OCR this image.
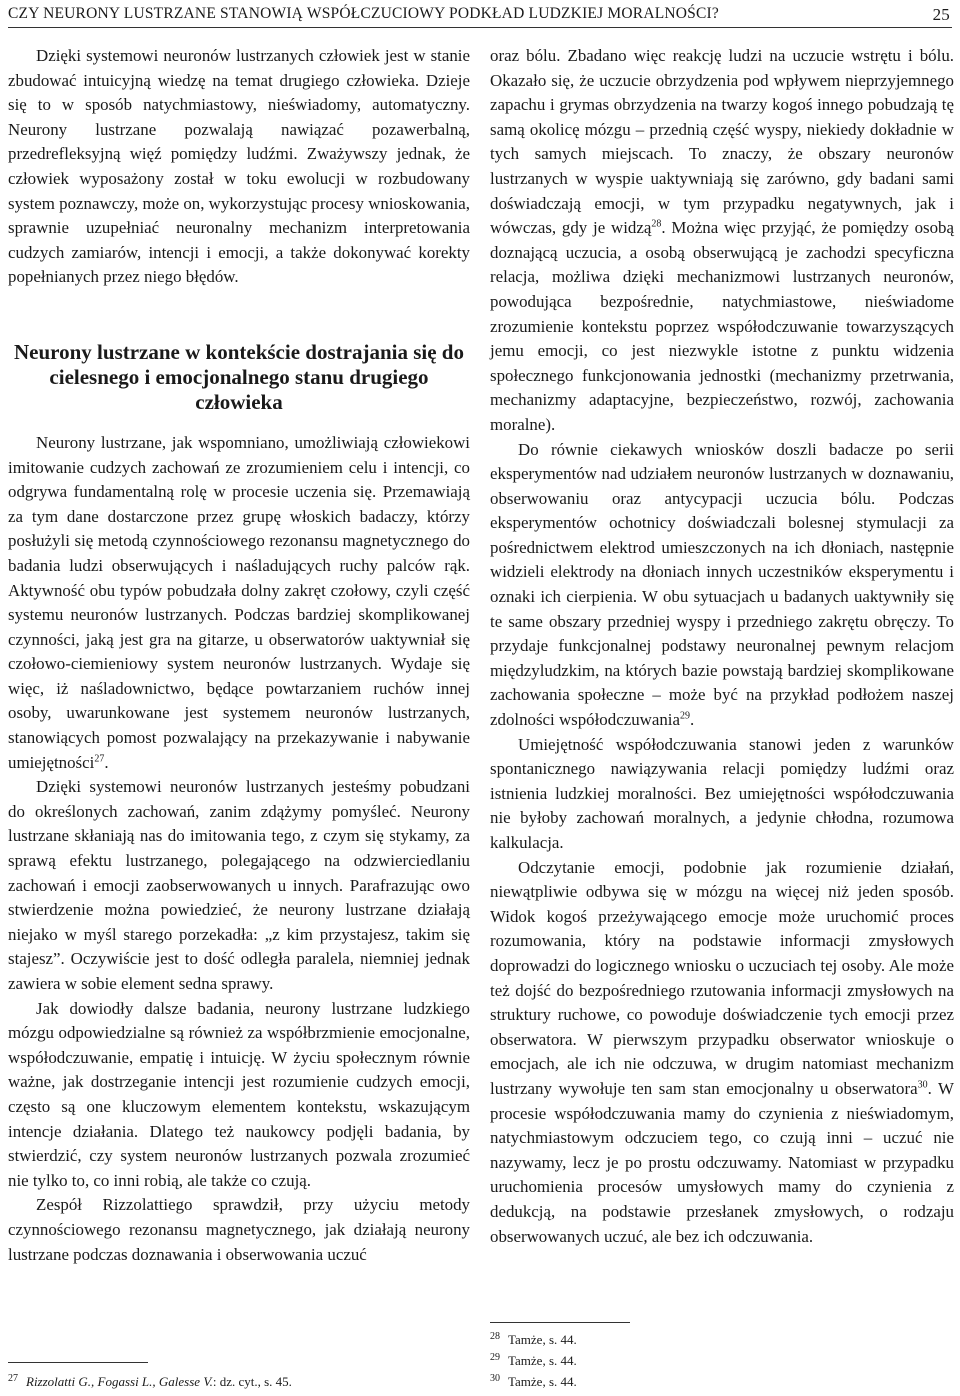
CZY NEURONY LUSTRZANE STANOWIĄ WSPÓŁCZUCIOWY PODKŁAD LUDZKIEJ MORALNOŚCI?	25

Dzięki systemowi neuronów lustrzanych człowiek jest w stanie zbudować intuicyjną wiedzę na temat drugiego człowieka. Dzieje się to w sposób natychmiastowy, nieświadomy, automatyczny. Neurony lustrzane pozwalają nawiązać pozawerbalną, przedrefleksyjną więź pomiędzy ludźmi. Zważywszy jednak, że człowiek wyposażony został w toku ewolucji w rozbudowany system poznawczy, może on, wykorzystując procesy wnioskowania, sprawnie uzupełniać neuronalny mechanizm interpretowania cudzych zamiarów, intencji i emocji, a także dokonywać korekty popełnianych przez niego błędów.

Neurony lustrzane w kontekście dostrajania się do cielesnego i emocjonalnego stanu drugiego człowieka

Neurony lustrzane, jak wspomniano, umożliwiają człowiekowi imitowanie cudzych zachowań ze zrozumieniem celu i intencji, co odgrywa fundamentalną rolę w procesie uczenia się. Przemawiają za tym dane dostarczone przez grupę włoskich badaczy, którzy posłużyli się metodą czynnościowego rezonansu magnetycznego do badania ludzi obserwujących i naśladujących ruchy palców rąk. Aktywność obu typów pobudzała dolny zakręt czołowy, czyli część systemu neuronów lustrzanych. Podczas bardziej skomplikowanej czynności, jaką jest gra na gitarze, u obserwatorów uaktywniał się czołowo-ciemieniowy system neuronów lustrzanych. Wydaje się więc, iż naśladownictwo, będące powtarzaniem ruchów innej osoby, uwarunkowane jest systemem neuronów lustrzanych, stanowiących pomost pozwalający na przekazywanie i nabywanie umiejętności$^{27}$.

Dzięki systemowi neuronów lustrzanych jesteśmy pobudzani do określonych zachowań, zanim zdążymy pomyśleć. Neurony lustrzane skłaniają nas do imitowania tego, z czym się stykamy, za sprawą efektu lustrzanego, polegającego na odzwierciedlaniu zachowań i emocji zaobserwowanych u innych. Parafrazując owo stwierdzenie można powiedzieć, że neurony lustrzane działają niejako w myśl starego porzekadła: „z kim przystajesz, takim się stajesz”. Oczywiście jest to dość odległa paralela, niemniej jednak zawiera w sobie element sedna sprawy.

Jak dowiodły dalsze badania, neurony lustrzane ludzkiego mózgu odpowiedzialne są również za współbrzmienie emocjonalne, współodczuwanie, empatię i intuicję. W życiu społecznym równie ważne, jak dostrzeganie intencji jest rozumienie cudzych emocji, często są one kluczowym elementem kontekstu, wskazującym intencje działania. Dlatego też naukowcy podjęli badania, by stwierdzić, czy system neuronów lustrzanych pozwala zrozumieć nie tylko to, co inni robią, ale także co czują.

Zespół Rizzolattiego sprawdził, przy użyciu metody czynnościowego rezonansu magnetycznego, jak działają neurony lustrzane podczas doznawania i obserwowania uczuć

oraz bólu. Zbadano więc reakcję ludzi na uczucie wstrętu i bólu. Okazało się, że uczucie obrzydzenia pod wpływem nieprzyjemnego zapachu i grymas obrzydzenia na twarzy kogoś innego pobudzają tę samą okolicę mózgu – przednią część wyspy, niekiedy dokładnie w tych samych miejscach. To znaczy, że obszary neuronów lustrzanych w wyspie uaktywniają się zarówno, gdy badani sami doświadczają emocji, w tym przypadku negatywnych, jak i wówczas, gdy je widzą$^{28}$. Można więc przyjąć, że pomiędzy osobą doznającą uczucia, a osobą obserwującą je zachodzi specyficzna relacja, możliwa dzięki mechanizmowi lustrzanych neuronów, powodująca bezpośrednie, natychmiastowe, nieświadome zrozumienie kontekstu poprzez współodczuwanie towarzyszących jemu emocji, co jest niezwykle istotne z punktu widzenia społecznego funkcjonowania jednostki (mechanizmy przetrwania, mechanizmy adaptacyjne, bezpieczeństwo, rozwój, zachowania moralne).

Do równie ciekawych wniosków doszli badacze po serii eksperymentów nad udziałem neuronów lustrzanych w doznawaniu, obserwowaniu oraz antycypacji uczucia bólu. Podczas eksperymentów ochotnicy doświadczali bolesnej stymulacji za pośrednictwem elektrod umieszczonych na ich dłoniach, następnie widzieli elektrody na dłoniach innych uczestników eksperymentu i oznaki ich cierpienia. W obu sytuacjach u badanych uaktywniły się te same obszary przedniej wyspy i przedniego zakrętu obręczy. To przydaje funkcjonalnej podstawy neuronalnej pewnym relacjom międzyludzkim, na których bazie powstają bardziej skomplikowane zachowania społeczne – może być na przykład podłożem naszej zdolności współodczuwania$^{29}$.

Umiejętność współodczuwania stanowi jeden z warunków spontanicznego nawiązywania relacji pomiędzy ludźmi oraz istnienia ludzkiej moralności. Bez umiejętności współodczuwania nie byłoby zachowań moralnych, a jedynie chłodna, rozumowa kalkulacja.

Odczytanie emocji, podobnie jak rozumienie działań, niewątpliwie odbywa się w mózgu na więcej niż jeden sposób. Widok kogoś przeżywającego emocje może uruchomić proces rozumowania, który na podstawie informacji zmysłowych doprowadzi do logicznego wniosku o uczuciach tej osoby. Ale może też dojść do bezpośredniego rzutowania informacji zmysłowych na struktury ruchowe, co powoduje doświadczenie tych emocji przez obserwatora. W pierwszym przypadku obserwator wnioskuje o emocjach, ale ich nie odczuwa, w drugim natomiast mechanizm lustrzany wywołuje ten sam stan emocjonalny u obserwatora$^{30}$. W procesie współodczuwania mamy do czynienia z nieświadomym, natychmiastowym odczuciem tego, co czują inni – uczuć nie nazywamy, lecz je po prostu odczuwamy. Natomiast w przypadku uruchomienia procesów umysłowych mamy do czynienia z dedukcją, na podstawie przesłanek zmysłowych, o rodzaju obserwowanych uczuć, ale bez ich odczuwania.

27 Rizzolatti G., Fogassi L., Galesse V.: dz. cyt., s. 45.
28 Tamże, s. 44.
29 Tamże, s. 44.
30 Tamże, s. 44.
